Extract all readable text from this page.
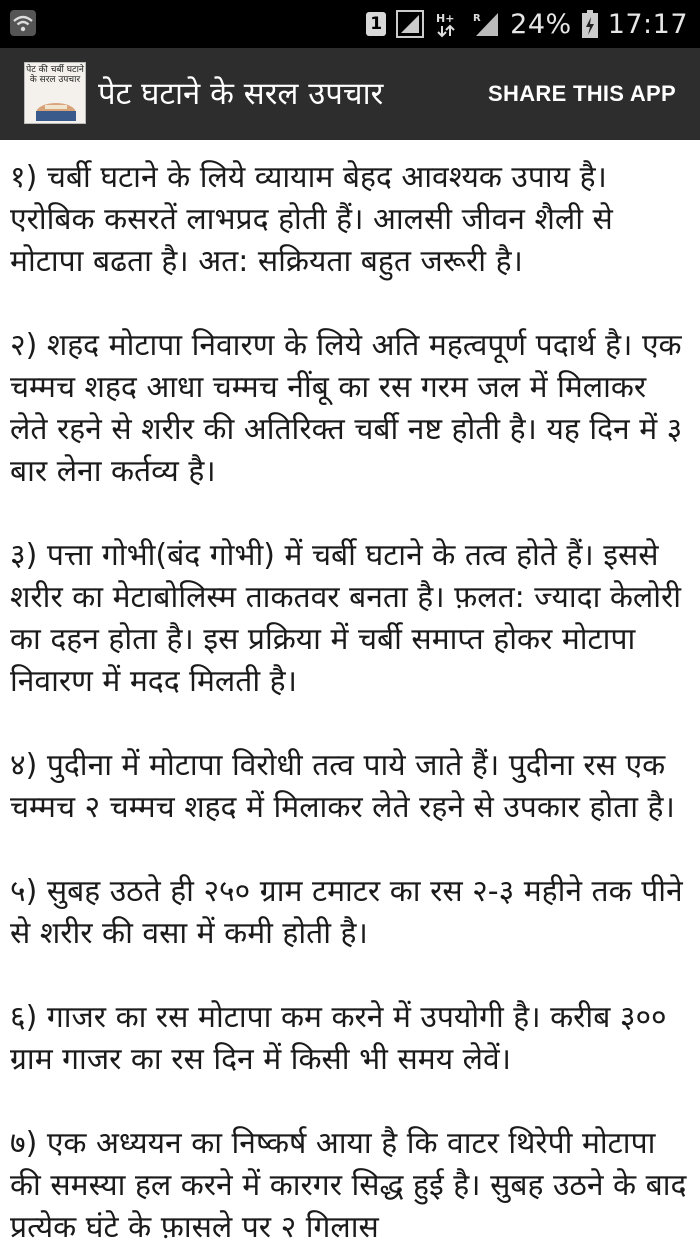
1	H+ R 24% 17:17
पेट की चर्बी घटाने के सरल उपचार पेट घटाने के सरल उपचार	SHARE THIS APP

१) चर्बी घटाने के लिये व्यायाम बेहद आवश्यक उपाय है। एरोबिक कसरतें लाभप्रद होती हैं। आलसी जीवन शैली से मोटापा बढता है। अत: सक्रियता बहुत जरूरी है।

२) शहद मोटापा निवारण के लिये अति महत्वपूर्ण पदार्थ है। एक चम्मच शहद आधा चम्मच नींबू का रस गरम जल में मिलाकर लेते रहने से शरीर की अतिरिक्त चर्बी नष्ट होती है। यह दिन में ३ बार लेना कर्तव्य है।

३) पत्ता गोभी(बंद गोभी) में चर्बी घटाने के तत्व होते हैं। इससे शरीर का मेटाबोलिस्म ताकतवर बनता है। फ़लत: ज्यादा केलोरी का दहन होता है। इस प्रक्रिया में चर्बी समाप्त होकर मोटापा निवारण में मदद मिलती है।

४) पुदीना में मोटापा विरोधी तत्व पाये जाते हैं। पुदीना रस एक चम्मच २ चम्मच शहद में मिलाकर लेते रहने से उपकार होता है।

५) सुबह उठते ही २५० ग्राम टमाटर का रस २-३ महीने तक पीने से शरीर की वसा में कमी होती है।

६) गाजर का रस मोटापा कम करने में उपयोगी है। करीब ३०० ग्राम गाजर का रस दिन में किसी भी समय लेवें।

७) एक अध्ययन का निष्कर्ष आया है कि वाटर थिरेपी मोटापा की समस्या हल करने में कारगर सिद्ध हुई है। सुबह उठने के बाद प्रत्येक घंटे के फ़ासले पर २ गिलास
